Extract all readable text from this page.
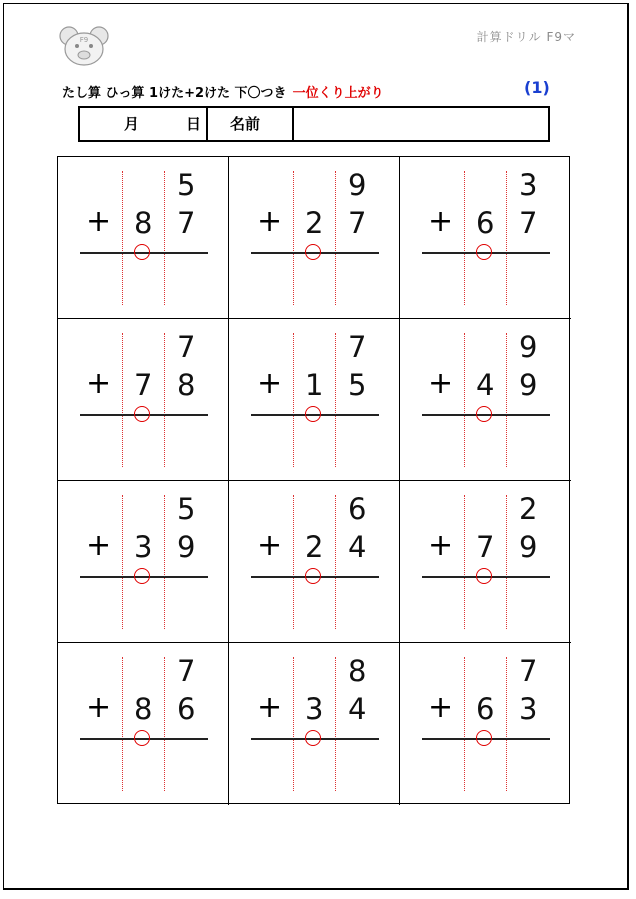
F9	計算ドリル F9マ
たし算 ひっ算 1けた+2けた 下〇つき 一位くり上がり	(1)
月	日 名前
5
+ 8 7
9
+ 2 7
3
+ 6 7
7
+ 7 8
7
+ 1 5
9
+ 4 9
5
+ 3 9
6
+ 2 4
2
+ 7 9
7
+ 8 6
8
+ 3 4
7
+ 6 3
